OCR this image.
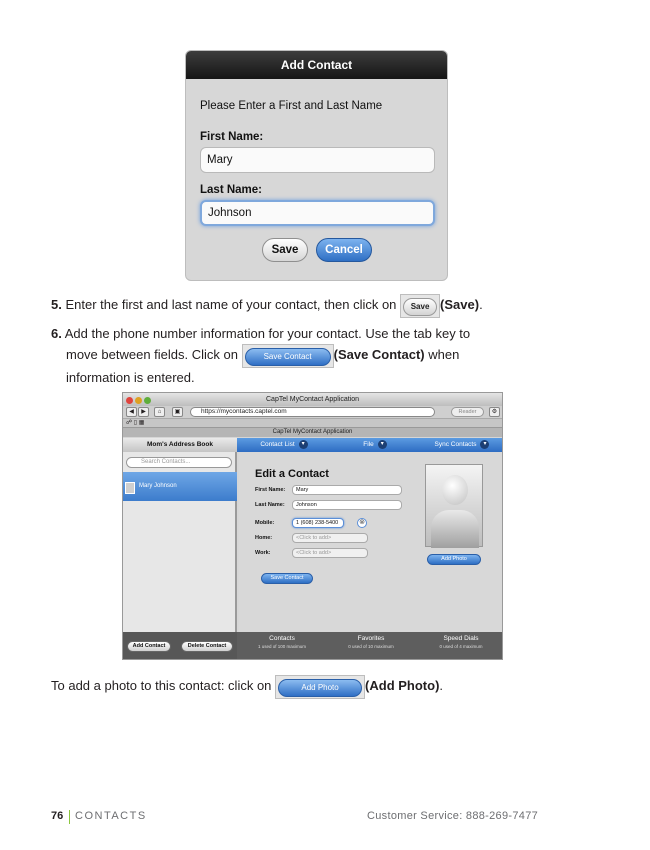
Add Contact
Please Enter a First and Last Name
First Name:
Mary
Last Name:
Johnson
Save	Cancel
5. Enter the first and last name of your contact, then click on Save (Save).
6. Add the phone number information for your contact. Use the tab key to
move between fields. Click on	Save Contact (Save Contact) when
information is entered.
CapTel MyContact Application
◀	▶	⌂	▣	https://mycontacts.captel.com	Reader	⚙
☍ ▯ ▦
CapTel MyContact Application
Mom's Address Book	Contact List ▾	File ▾	Sync Contacts ▾
Search Contacts...
Mary Johnson
Edit a Contact
First Name:	Mary
Last Name:	Johnson
Mobile:	1 (608) 238-5400	⊗
Home:	<Click to add>
Work:	<Click to add>
Save Contact
Add Photo
Add Contact	Delete Contact
Contacts
1 used of 100 maximum
Favorites
0 used of 10 maximum
Speed Dials
0 used of 4 maximum
To add a photo to this contact: click on	Add Photo (Add Photo).
76 CONTACTS	Customer Service: 888-269-7477
